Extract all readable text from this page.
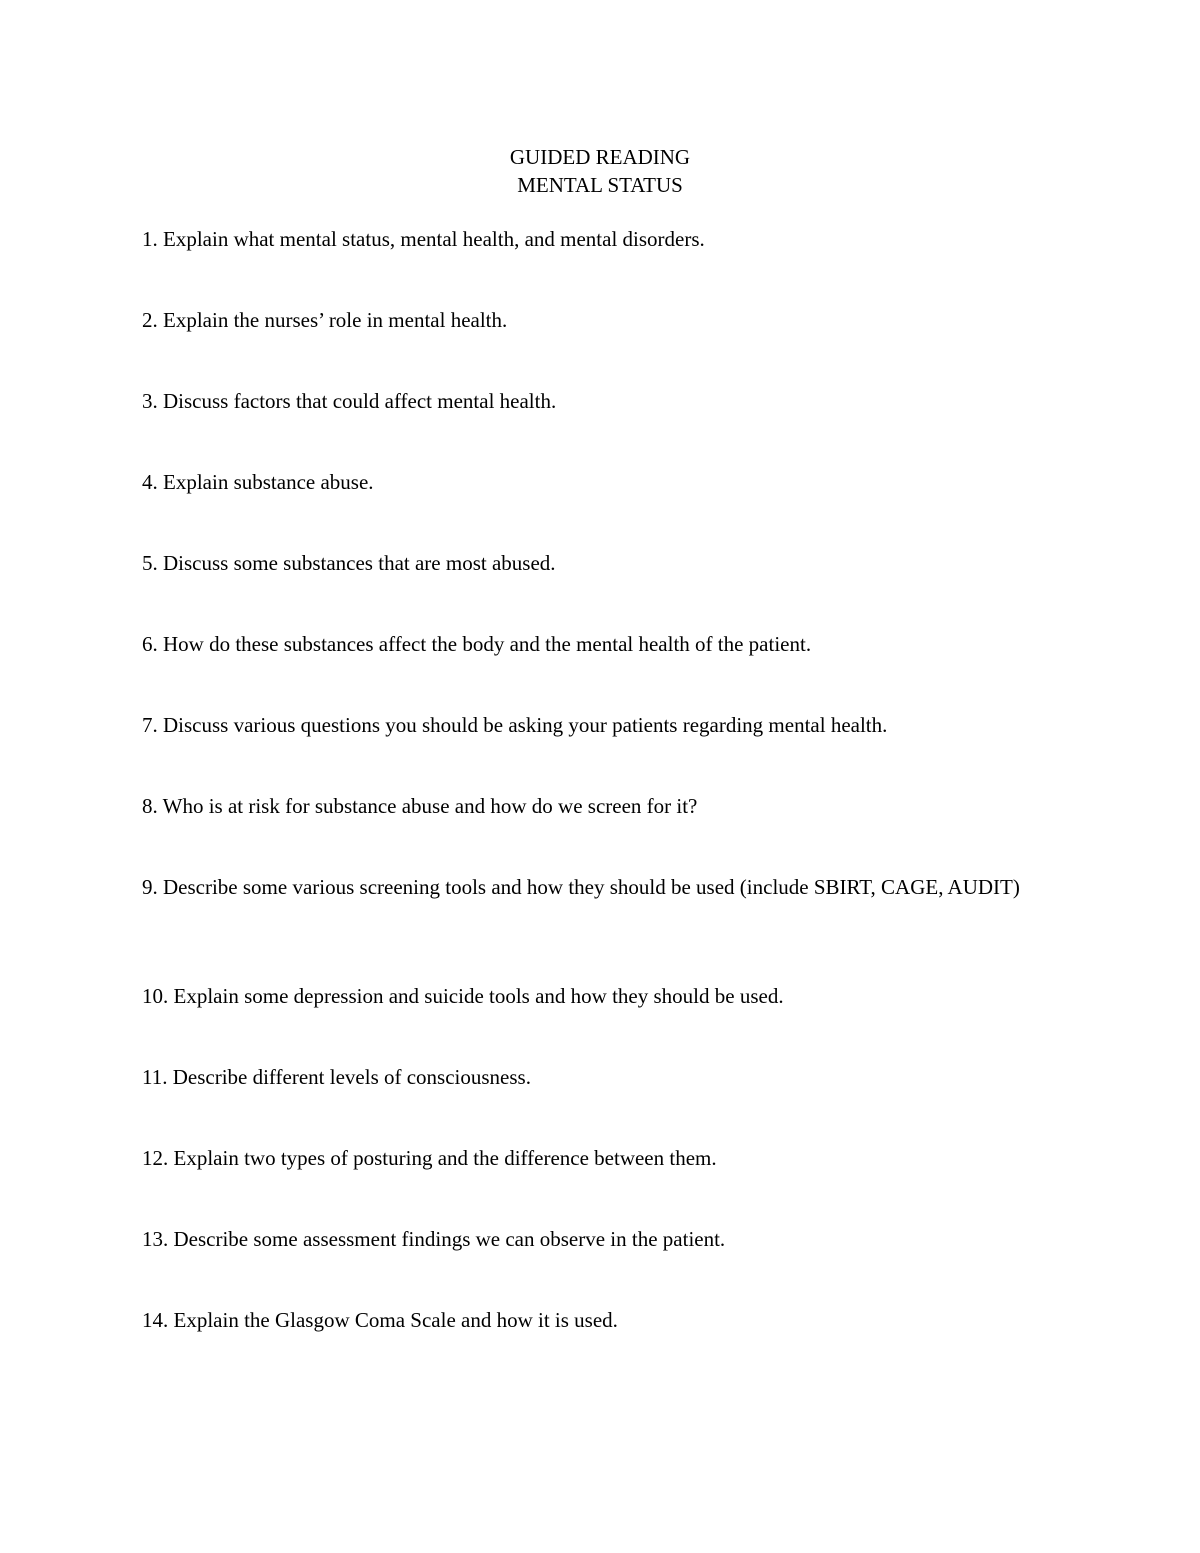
GUIDED READING
MENTAL STATUS
1. Explain what mental status, mental health, and mental disorders.
2. Explain the nurses’ role in mental health.
3. Discuss factors that could affect mental health.
4. Explain substance abuse.
5. Discuss some substances that are most abused.
6. How do these substances affect the body and the mental health of the patient.
7. Discuss various questions you should be asking your patients regarding mental health.
8. Who is at risk for substance abuse and how do we screen for it?
9. Describe some various screening tools and how they should be used (include SBIRT, CAGE, AUDIT)
10. Explain some depression and suicide tools and how they should be used.
11. Describe different levels of consciousness.
12. Explain two types of posturing and the difference between them.
13. Describe some assessment findings we can observe in the patient.
14. Explain the Glasgow Coma Scale and how it is used.
